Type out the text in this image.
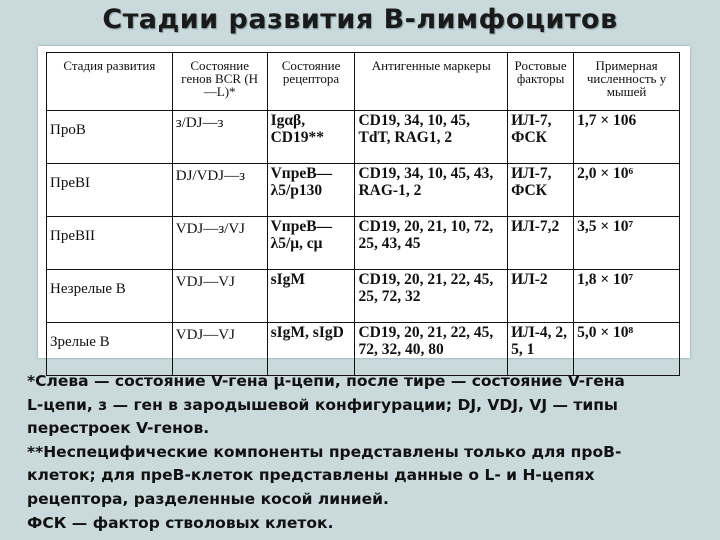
Стадии развития B-лимфоцитов
Стадия развития	Состояние генов BCR (H—L)*	Состояние рецептора	Антигенные маркеры	Ростовые факторы	Примерная численность у мышей
ПроB	з/DJ—з	Igαβ, CD19**	CD19, 34, 10, 45, TdT, RAG1, 2	ИЛ-7, ФСК	1,7 × 106
ПреBI	DJ/VDJ—з	VпреB—λ5/p130	CD19, 34, 10, 45, 43, RAG-1, 2	ИЛ-7, ФСК	2,0 × 10⁶
ПреBII	VDJ—з/VJ	VпреB—λ5/μ, cμ	CD19, 20, 21, 10, 72, 25, 43, 45	ИЛ-7,2	3,5 × 10⁷
Незрелые B	VDJ—VJ	sIgM	CD19, 20, 21, 22, 45, 25, 72, 32	ИЛ-2	1,8 × 10⁷
Зрелые B	VDJ—VJ	sIgM, sIgD	CD19, 20, 21, 22, 45, 72, 32, 40, 80	ИЛ-4, 2, 5, 1	5,0 × 10⁸
*Слева — состояние V-гена μ-цепи, после тире — состояние V-гена
L-цепи, з — ген в зародышевой конфигурации; DJ, VDJ, VJ — типы
перестроек V-генов.
**Неспецифические компоненты представлены только для проB-
клеток; для преB-клеток представлены данные о L- и H-цепях
рецептора, разделенные косой линией.
ФСК — фактор стволовых клеток.
